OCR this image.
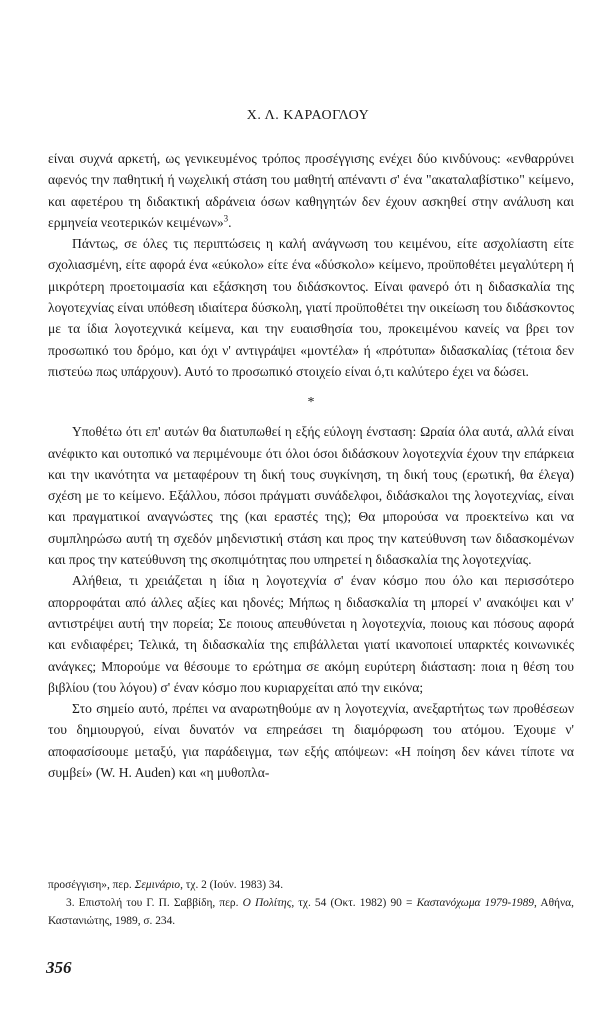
Χ. Λ. ΚΑΡΑΟΓΛΟΥ

είναι συχνά αρκετή, ως γενικευμένος τρόπος προσέγγισης ενέχει δύο κινδύνους: «ενθαρρύνει αφενός την παθητική ή νωχελική στάση του μαθητή απέναντι σ' ένα "ακαταλαβίστικο" κείμενο, και αφετέρου τη διδακτική αδράνεια όσων καθηγητών δεν έχουν ασκηθεί στην ανάλυση και ερμηνεία νεοτερικών κειμένων»$^3$.

Πάντως, σε όλες τις περιπτώσεις η καλή ανάγνωση του κειμένου, είτε ασχολίαστη είτε σχολιασμένη, είτε αφορά ένα «εύκολο» είτε ένα «δύσκολο» κείμενο, προϋποθέτει μεγαλύτερη ή μικρότερη προετοιμασία και εξάσκηση του διδάσκοντος. Είναι φανερό ότι η διδασκαλία της λογοτεχνίας είναι υπόθεση ιδιαίτερα δύσκολη, γιατί προϋποθέτει την οικείωση του διδάσκοντος με τα ίδια λογοτεχνικά κείμενα, και την ευαισθησία του, προκειμένου κανείς να βρει τον προσωπικό του δρόμο, και όχι ν' αντιγράψει «μοντέλα» ή «πρότυπα» διδασκαλίας (τέτοια δεν πιστεύω πως υπάρχουν). Αυτό το προσωπικό στοιχείο είναι ό,τι καλύτερο έχει να δώσει.

*

Υποθέτω ότι επ' αυτών θα διατυπωθεί η εξής εύλογη ένσταση: Ωραία όλα αυτά, αλλά είναι ανέφικτο και ουτοπικό να περιμένουμε ότι όλοι όσοι διδάσκουν λογοτεχνία έχουν την επάρκεια και την ικανότητα να μεταφέρουν τη δική τους συγκίνηση, τη δική τους (ερωτική, θα έλεγα) σχέση με το κείμενο. Εξάλλου, πόσοι πράγματι συνάδελφοι, διδάσκαλοι της λογοτεχνίας, είναι και πραγματικοί αναγνώστες της (και εραστές της); Θα μπορούσα να προεκτείνω και να συμπληρώσω αυτή τη σχεδόν μηδενιστική στάση και προς την κατεύθυνση των διδασκομένων και προς την κατεύθυνση της σκοπιμότητας που υπηρετεί η διδασκαλία της λογοτεχνίας.

Αλήθεια, τι χρειάζεται η ίδια η λογοτεχνία σ' έναν κόσμο που όλο και περισσότερο απορροφάται από άλλες αξίες και ηδονές; Μήπως η διδασκαλία τη μπορεί ν' ανακόψει και ν' αντιστρέψει αυτή την πορεία; Σε ποιους απευθύνεται η λογοτεχνία, ποιους και πόσους αφορά και ενδιαφέρει; Τελικά, τη διδασκαλία της επιβάλλεται γιατί ικανοποιεί υπαρκτές κοινωνικές ανάγκες; Μπορούμε να θέσουμε το ερώτημα σε ακόμη ευρύτερη διάσταση: ποια η θέση του βιβλίου (του λόγου) σ' έναν κόσμο που κυριαρχείται από την εικόνα;

Στο σημείο αυτό, πρέπει να αναρωτηθούμε αν η λογοτεχνία, ανεξαρτήτως των προθέσεων του δημιουργού, είναι δυνατόν να επηρεάσει τη διαμόρφωση του ατόμου. Έχουμε ν' αποφασίσουμε μεταξύ, για παράδειγμα, των εξής απόψεων: «Η ποίηση δεν κάνει τίποτε να συμβεί» (W. H. Auden) και «η μυθοπλα-

προσέγγιση», περ. Σεμινάριο, τχ. 2 (Ιούν. 1983) 34.

3. Επιστολή του Γ. Π. Σαββίδη, περ. Ο Πολίτης, τχ. 54 (Οκτ. 1982) 90 = Καστανόχωμα 1979-1989, Αθήνα, Καστανιώτης, 1989, σ. 234.

356
